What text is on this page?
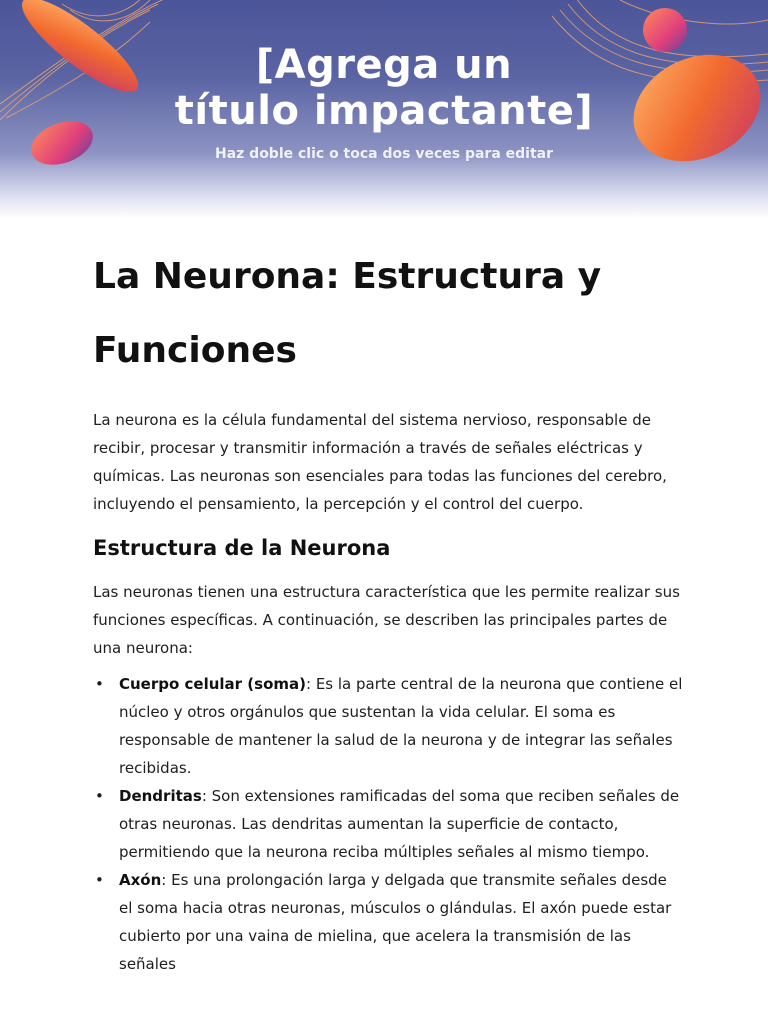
[Agrega un
título impactante]
Haz doble clic o toca dos veces para editar
La Neurona: Estructura y
Funciones

La neurona es la célula fundamental del sistema nervioso, responsable de recibir, procesar y transmitir información a través de señales eléctricas y químicas. Las neuronas son esenciales para todas las funciones del cerebro, incluyendo el pensamiento, la percepción y el control del cuerpo.

Estructura de la Neurona

Las neuronas tienen una estructura característica que les permite realizar sus funciones específicas. A continuación, se describen las principales partes de una neurona:

• Cuerpo celular (soma): Es la parte central de la neurona que contiene el núcleo y otros orgánulos que sustentan la vida celular. El soma es responsable de mantener la salud de la neurona y de integrar las señales recibidas.
• Dendritas: Son extensiones ramificadas del soma que reciben señales de otras neuronas. Las dendritas aumentan la superficie de contacto, permitiendo que la neurona reciba múltiples señales al mismo tiempo.
• Axón: Es una prolongación larga y delgada que transmite señales desde el soma hacia otras neuronas, músculos o glándulas. El axón puede estar cubierto por una vaina de mielina, que acelera la transmisión de las señales
